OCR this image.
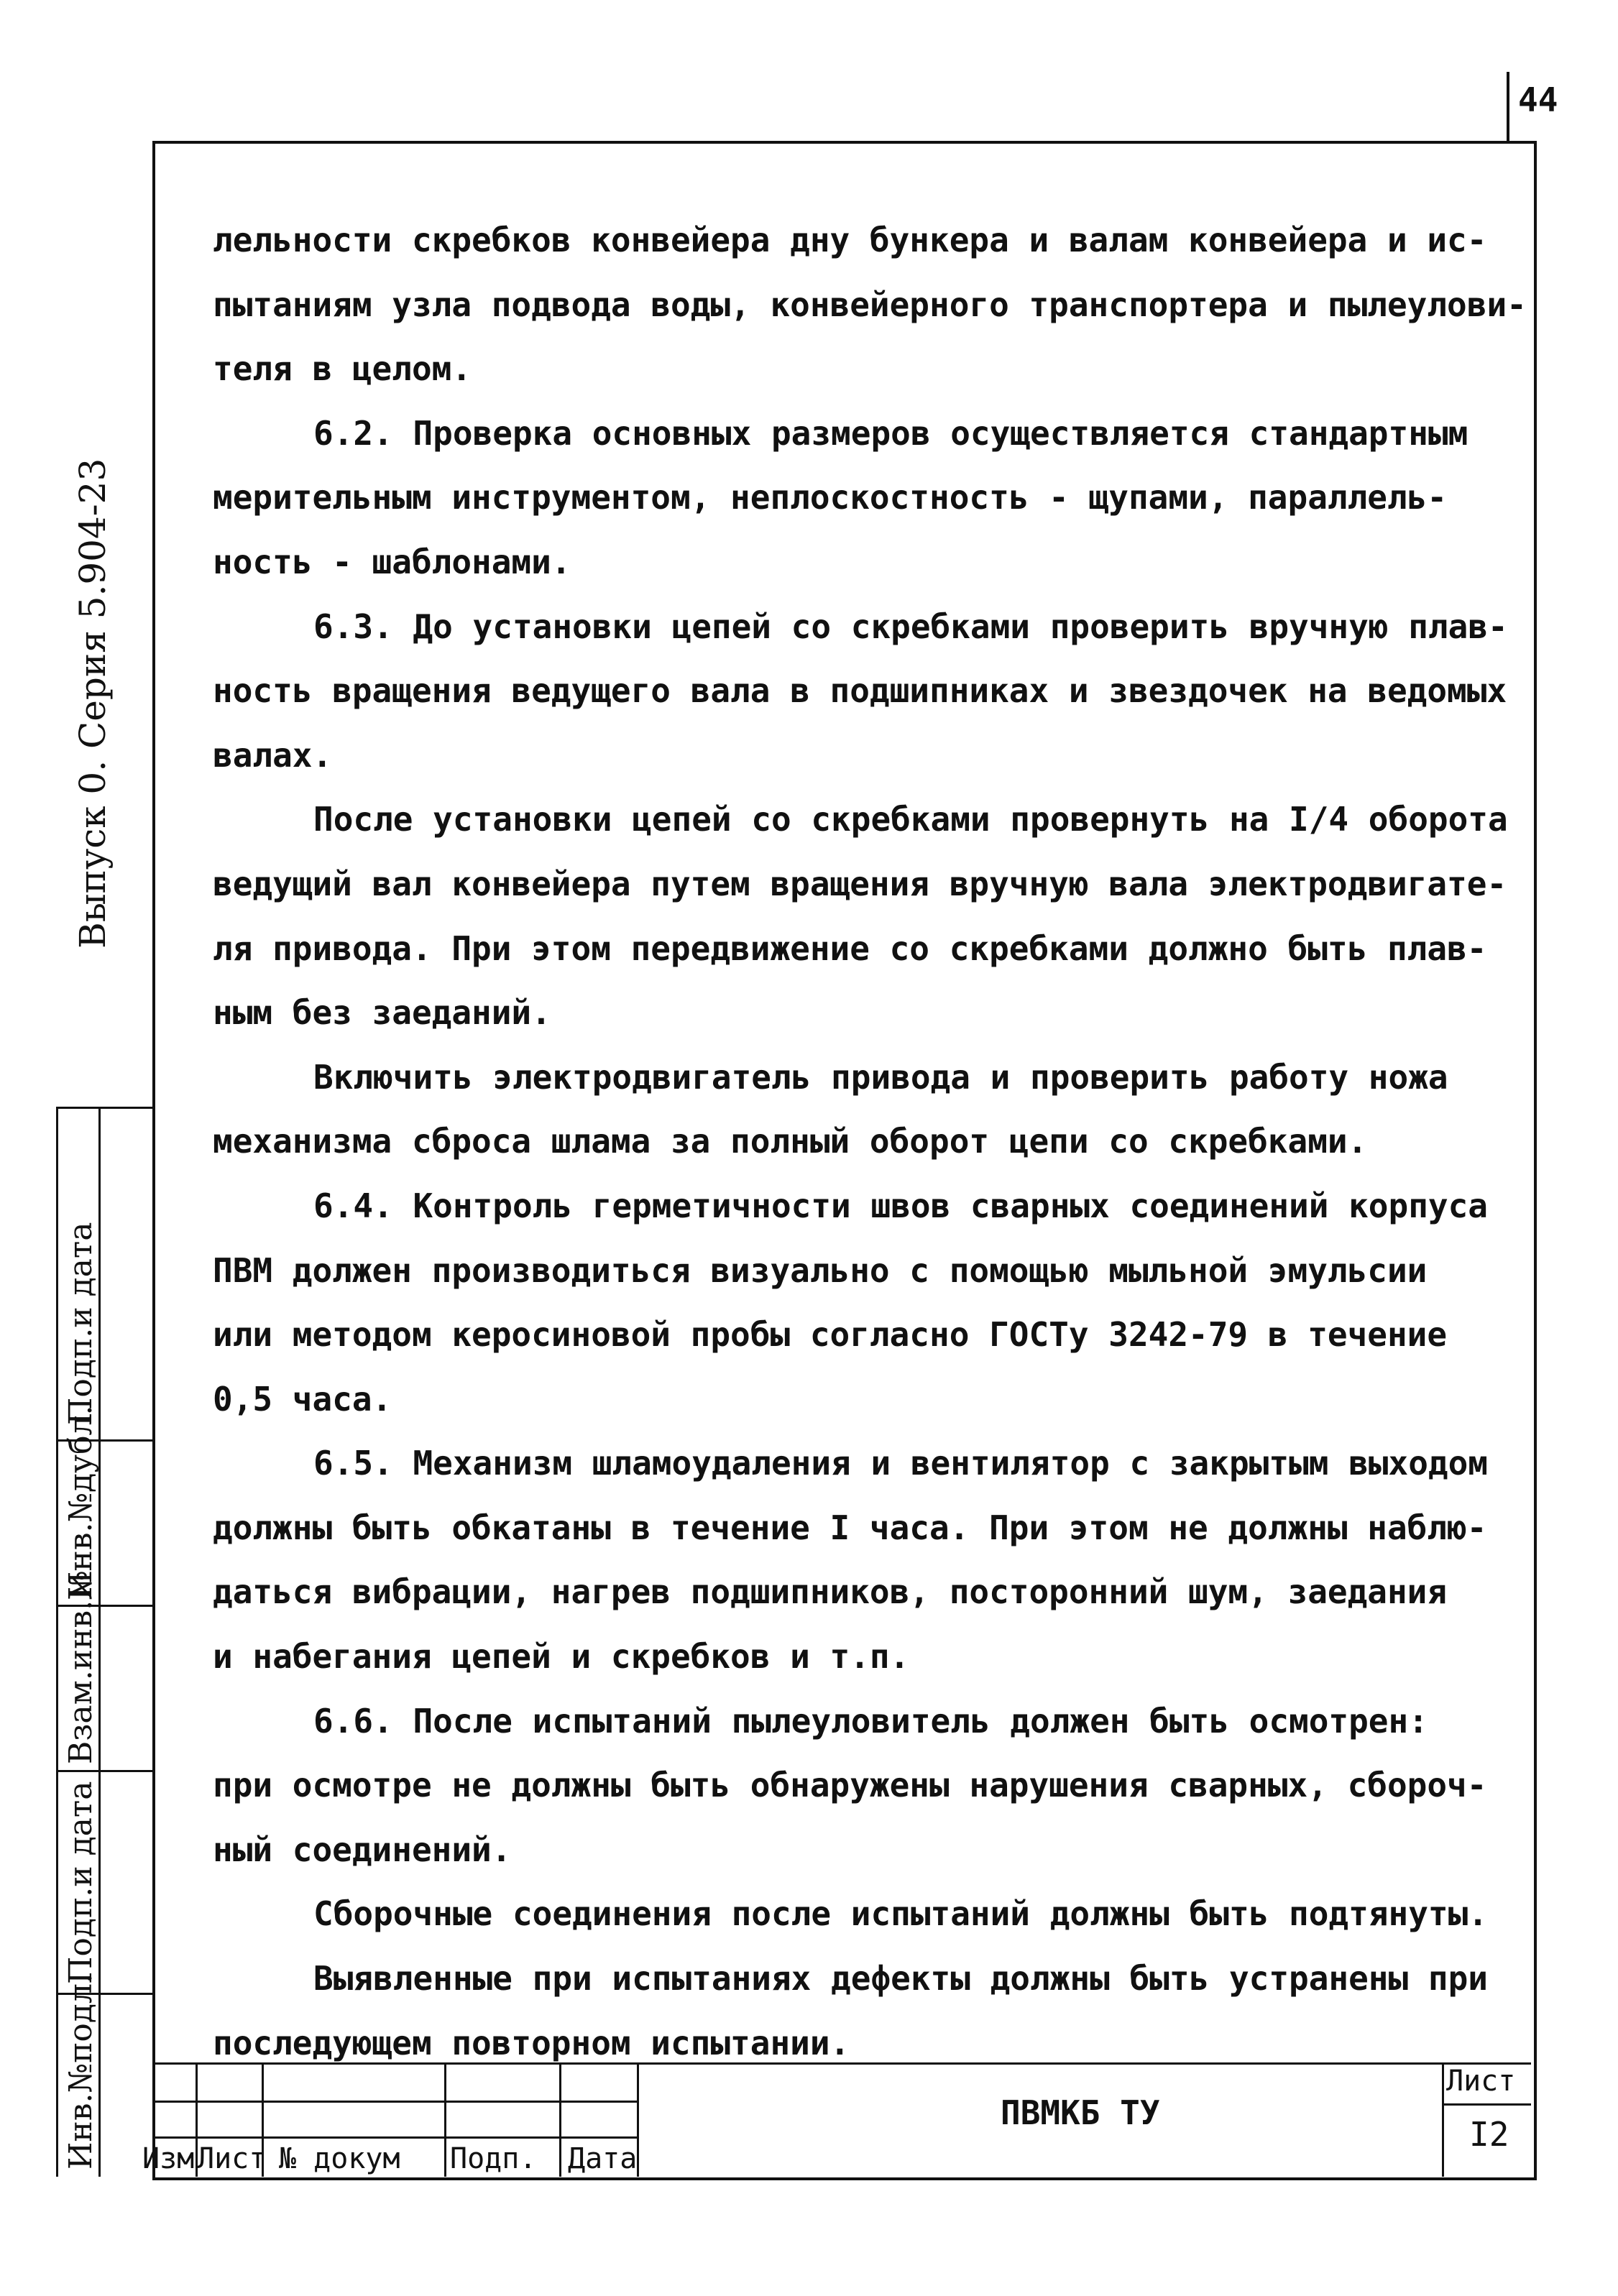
44
Выпуск 0. Серия 5.904-23
Подп.и дата
Инв.№дубл.
Взам.инв.№
Подп.и дата
Инв.№подл.
лельности скребков конвейера дну бункера и валам конвейера и ис-
пытаниям узла подвода воды, конвейерного транспортера и пылеулови-
теля в целом.
6.2. Проверка основных размеров осуществляется стандартным
мерительным инструментом, неплоскостность - щупами, параллель-
ность - шаблонами.
6.3. До установки цепей со скребками проверить вручную плав-
ность вращения ведущего вала в подшипниках и звездочек на ведомых
валах.
После установки цепей со скребками провернуть на I/4 оборота
ведущий вал конвейера путем вращения вручную вала электродвигате-
ля привода. При этом передвижение со скребками должно быть плав-
ным без заеданий.
Включить электродвигатель привода и проверить работу ножа
механизма сброса шлама за полный оборот цепи со скребками.
6.4. Контроль герметичности швов сварных соединений корпуса
ПВМ должен производиться визуально с помощью мыльной эмульсии
или методом керосиновой пробы согласно ГОСТу 3242-79 в течение
0,5 часа.
6.5. Механизм шламоудаления и вентилятор с закрытым выходом
должны быть обкатаны в течение I часа. При этом не должны наблю-
даться вибрации, нагрев подшипников, посторонний шум, заедания
и набегания цепей и скребков и т.п.
6.6. После испытаний пылеуловитель должен быть осмотрен:
при осмотре не должны быть обнаружены нарушения сварных, сбороч-
ный соединений.
Сборочные соединения после испытаний должны быть подтянуты.
Выявленные при испытаниях дефекты должны быть устранены при
последующем повторном испытании.
Изм Лист № докум Подп. Дата
ПВМКБ ТУ
Лист
I2
